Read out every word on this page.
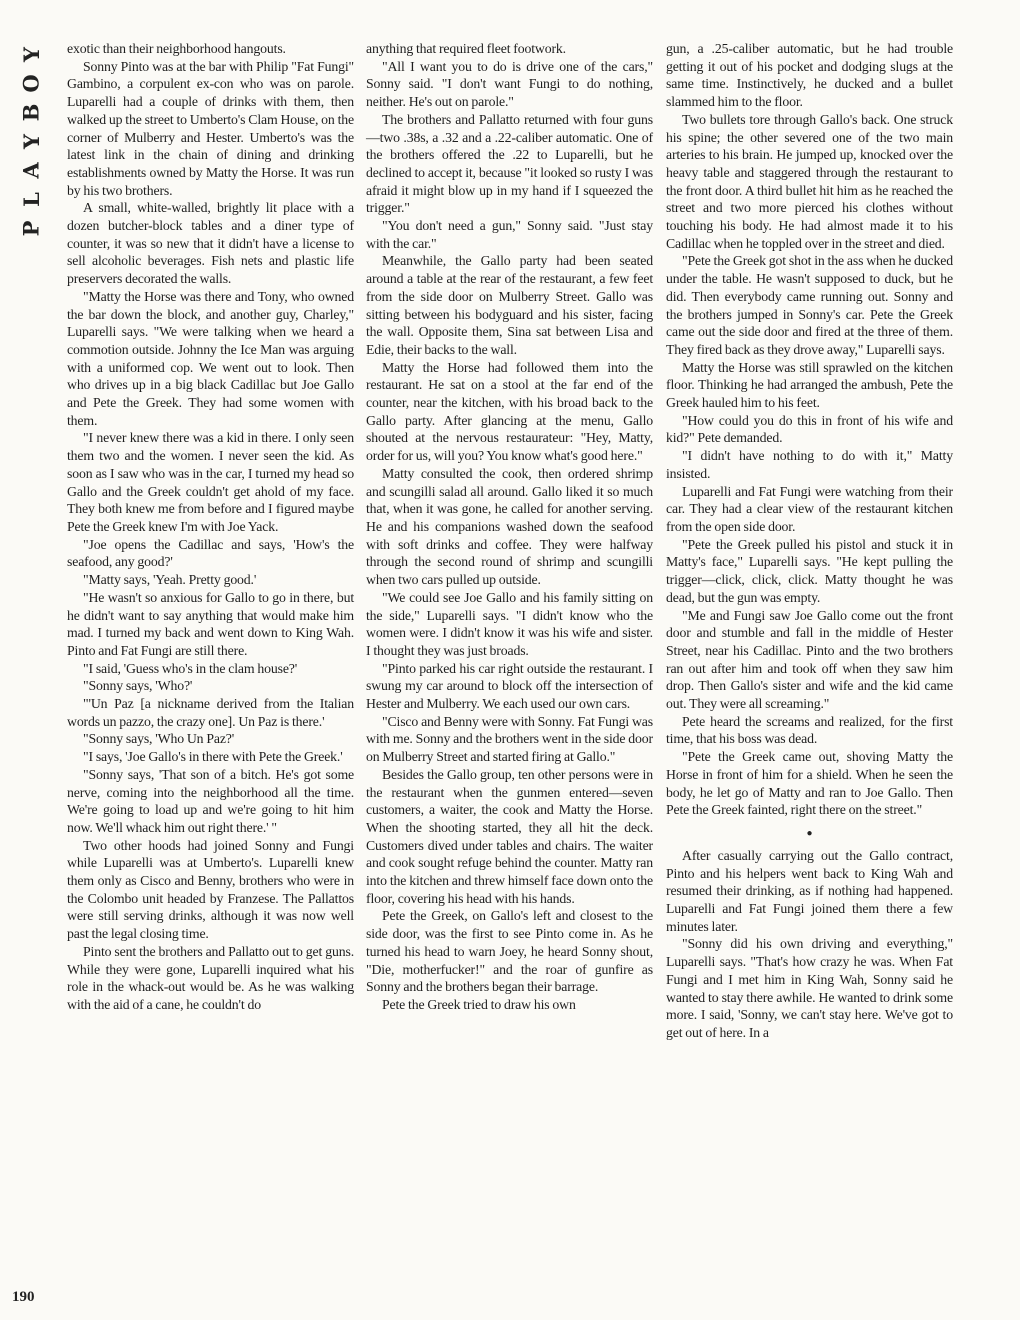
Y
O
B
Y
A
L
P
190

exotic than their neighborhood hangouts.

Sonny Pinto was at the bar with Philip "Fat Fungi" Gambino, a corpulent ex-con who was on parole. Luparelli had a couple of drinks with them, then walked up the street to Umberto's Clam House, on the corner of Mulberry and Hester. Umberto's was the latest link in the chain of dining and drinking establishments owned by Matty the Horse. It was run by his two brothers.

A small, white-walled, brightly lit place with a dozen butcher-block tables and a diner type of counter, it was so new that it didn't have a license to sell alcoholic beverages. Fish nets and plastic life preservers decorated the walls.

"Matty the Horse was there and Tony, who owned the bar down the block, and another guy, Charley," Luparelli says. "We were talking when we heard a commotion outside. Johnny the Ice Man was arguing with a uniformed cop. We went out to look. Then who drives up in a big black Cadillac but Joe Gallo and Pete the Greek. They had some women with them.

"I never knew there was a kid in there. I only seen them two and the women. I never seen the kid. As soon as I saw who was in the car, I turned my head so Gallo and the Greek couldn't get ahold of my face. They both knew me from before and I figured maybe Pete the Greek knew I'm with Joe Yack.

"Joe opens the Cadillac and says, 'How's the seafood, any good?'

"Matty says, 'Yeah. Pretty good.'

"He wasn't so anxious for Gallo to go in there, but he didn't want to say anything that would make him mad. I turned my back and went down to King Wah. Pinto and Fat Fungi are still there.

"I said, 'Guess who's in the clam house?'

"Sonny says, 'Who?'

"'Un Paz [a nickname derived from the Italian words un pazzo, the crazy one]. Un Paz is there.'

"Sonny says, 'Who Un Paz?'

"I says, 'Joe Gallo's in there with Pete the Greek.'

"Sonny says, 'That son of a bitch. He's got some nerve, coming into the neighborhood all the time. We're going to load up and we're going to hit him now. We'll whack him out right there.' "

Two other hoods had joined Sonny and Fungi while Luparelli was at Umberto's. Luparelli knew them only as Cisco and Benny, brothers who were in the Colombo unit headed by Franzese. The Pallattos were still serving drinks, although it was now well past the legal closing time.

Pinto sent the brothers and Pallatto out to get guns. While they were gone, Luparelli inquired what his role in the whack-out would be. As he was walking with the aid of a cane, he couldn't do

anything that required fleet footwork.

"All I want you to do is drive one of the cars," Sonny said. "I don't want Fungi to do nothing, neither. He's out on parole."

The brothers and Pallatto returned with four guns—two .38s, a .32 and a .22-caliber automatic. One of the brothers offered the .22 to Luparelli, but he declined to accept it, because "it looked so rusty I was afraid it might blow up in my hand if I squeezed the trigger."

"You don't need a gun," Sonny said. "Just stay with the car."

Meanwhile, the Gallo party had been seated around a table at the rear of the restaurant, a few feet from the side door on Mulberry Street. Gallo was sitting between his bodyguard and his sister, facing the wall. Opposite them, Sina sat between Lisa and Edie, their backs to the wall.

Matty the Horse had followed them into the restaurant. He sat on a stool at the far end of the counter, near the kitchen, with his broad back to the Gallo party. After glancing at the menu, Gallo shouted at the nervous restaurateur: "Hey, Matty, order for us, will you? You know what's good here."

Matty consulted the cook, then ordered shrimp and scungilli salad all around. Gallo liked it so much that, when it was gone, he called for another serving. He and his companions washed down the seafood with soft drinks and coffee. They were halfway through the second round of shrimp and scungilli when two cars pulled up outside.

"We could see Joe Gallo and his family sitting on the side," Luparelli says. "I didn't know who the women were. I didn't know it was his wife and sister. I thought they was just broads.

"Pinto parked his car right outside the restaurant. I swung my car around to block off the intersection of Hester and Mulberry. We each used our own cars.

"Cisco and Benny were with Sonny. Fat Fungi was with me. Sonny and the brothers went in the side door on Mulberry Street and started firing at Gallo."

Besides the Gallo group, ten other persons were in the restaurant when the gunmen entered—seven customers, a waiter, the cook and Matty the Horse. When the shooting started, they all hit the deck. Customers dived under tables and chairs. The waiter and cook sought refuge behind the counter. Matty ran into the kitchen and threw himself face down onto the floor, covering his head with his hands.

Pete the Greek, on Gallo's left and closest to the side door, was the first to see Pinto come in. As he turned his head to warn Joey, he heard Sonny shout, "Die, motherfucker!" and the roar of gunfire as Sonny and the brothers began their barrage.

Pete the Greek tried to draw his own

gun, a .25-caliber automatic, but he had trouble getting it out of his pocket and dodging slugs at the same time. Instinctively, he ducked and a bullet slammed him to the floor.

Two bullets tore through Gallo's back. One struck his spine; the other severed one of the two main arteries to his brain. He jumped up, knocked over the heavy table and staggered through the restaurant to the front door. A third bullet hit him as he reached the street and two more pierced his clothes without touching his body. He had almost made it to his Cadillac when he toppled over in the street and died.

"Pete the Greek got shot in the ass when he ducked under the table. He wasn't supposed to duck, but he did. Then everybody came running out. Sonny and the brothers jumped in Sonny's car. Pete the Greek came out the side door and fired at the three of them. They fired back as they drove away," Luparelli says.

Matty the Horse was still sprawled on the kitchen floor. Thinking he had arranged the ambush, Pete the Greek hauled him to his feet.

"How could you do this in front of his wife and kid?" Pete demanded.

"I didn't have nothing to do with it," Matty insisted.

Luparelli and Fat Fungi were watching from their car. They had a clear view of the restaurant kitchen from the open side door.

"Pete the Greek pulled his pistol and stuck it in Matty's face," Luparelli says. "He kept pulling the trigger—click, click, click. Matty thought he was dead, but the gun was empty.

"Me and Fungi saw Joe Gallo come out the front door and stumble and fall in the middle of Hester Street, near his Cadillac. Pinto and the two brothers ran out after him and took off when they saw him drop. Then Gallo's sister and wife and the kid came out. They were all screaming."

Pete heard the screams and realized, for the first time, that his boss was dead.

"Pete the Greek came out, shoving Matty the Horse in front of him for a shield. When he seen the body, he let go of Matty and ran to Joe Gallo. Then Pete the Greek fainted, right there on the street."

●

After casually carrying out the Gallo contract, Pinto and his helpers went back to King Wah and resumed their drinking, as if nothing had happened. Luparelli and Fat Fungi joined them there a few minutes later.

"Sonny did his own driving and everything," Luparelli says. "That's how crazy he was. When Fat Fungi and I met him in King Wah, Sonny said he wanted to stay there awhile. He wanted to drink some more. I said, 'Sonny, we can't stay here. We've got to get out of here. In a
